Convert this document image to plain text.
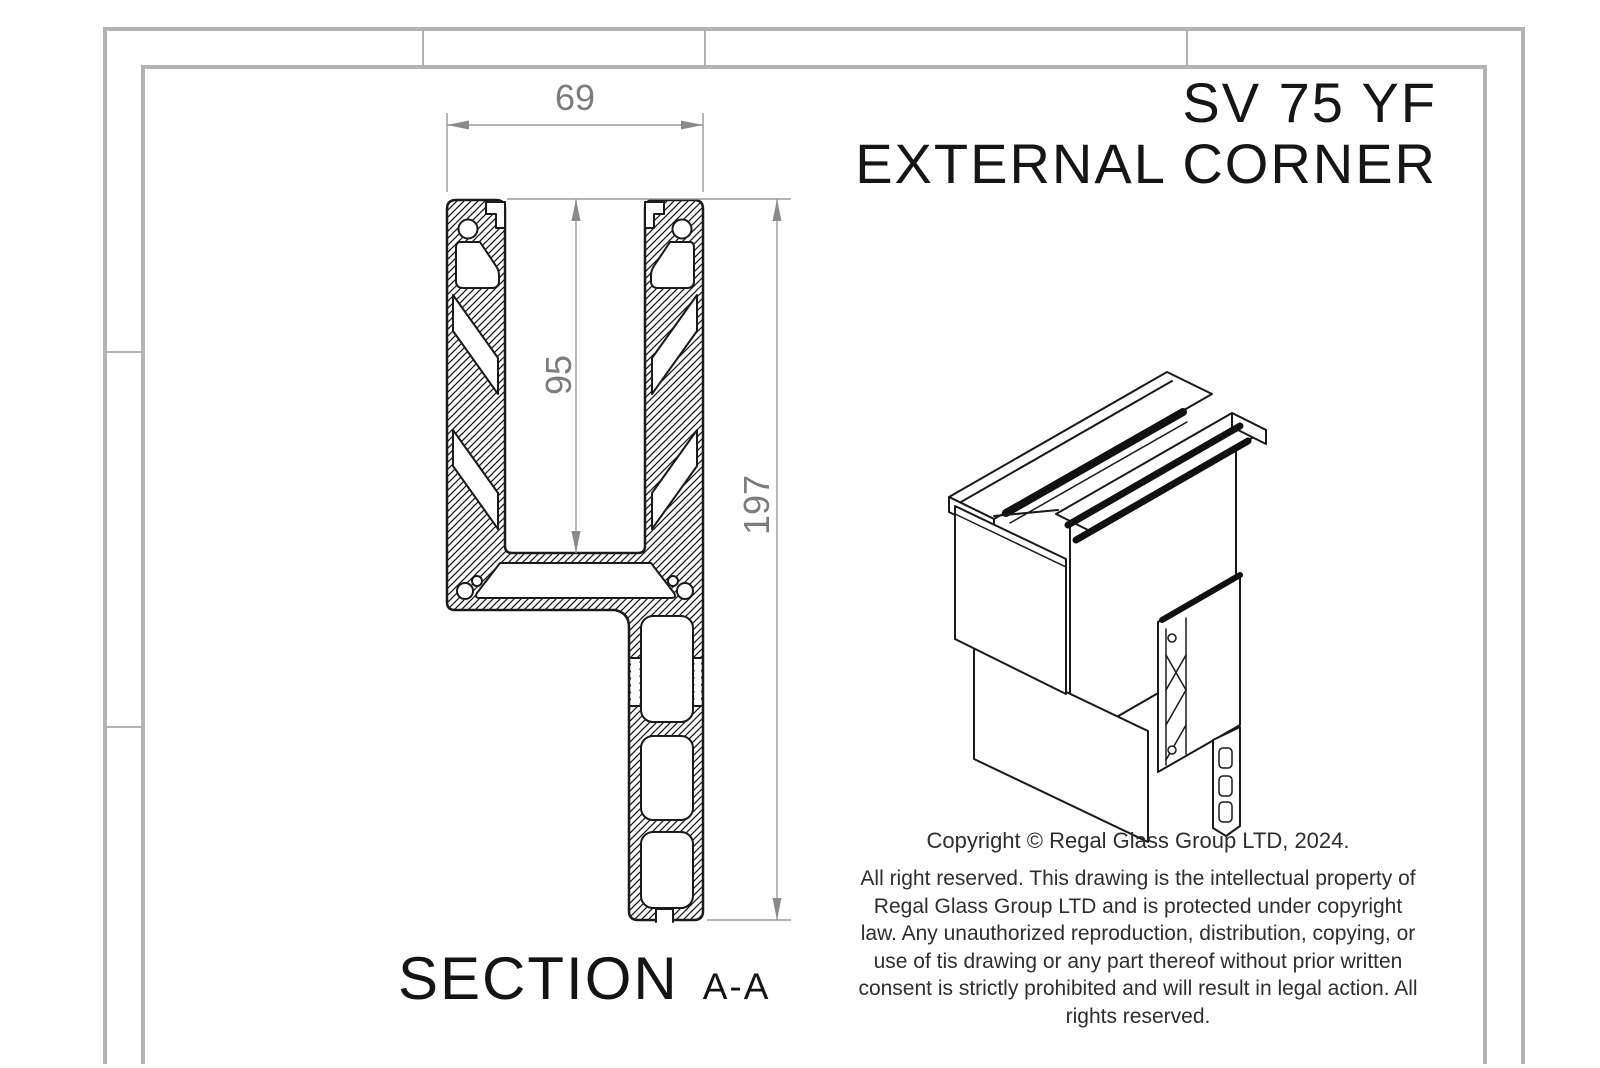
69
95
197
SV 75 YF
EXTERNAL CORNER
SECTION A-A
Copyright © Regal Glass Group LTD, 2024.
All right reserved. This drawing is the intellectual property of
Regal Glass Group LTD and is protected under copyright
law. Any unauthorized reproduction, distribution, copying, or
use of tis drawing or any part thereof without prior written
consent is strictly prohibited and will result in legal action. All
rights reserved.
